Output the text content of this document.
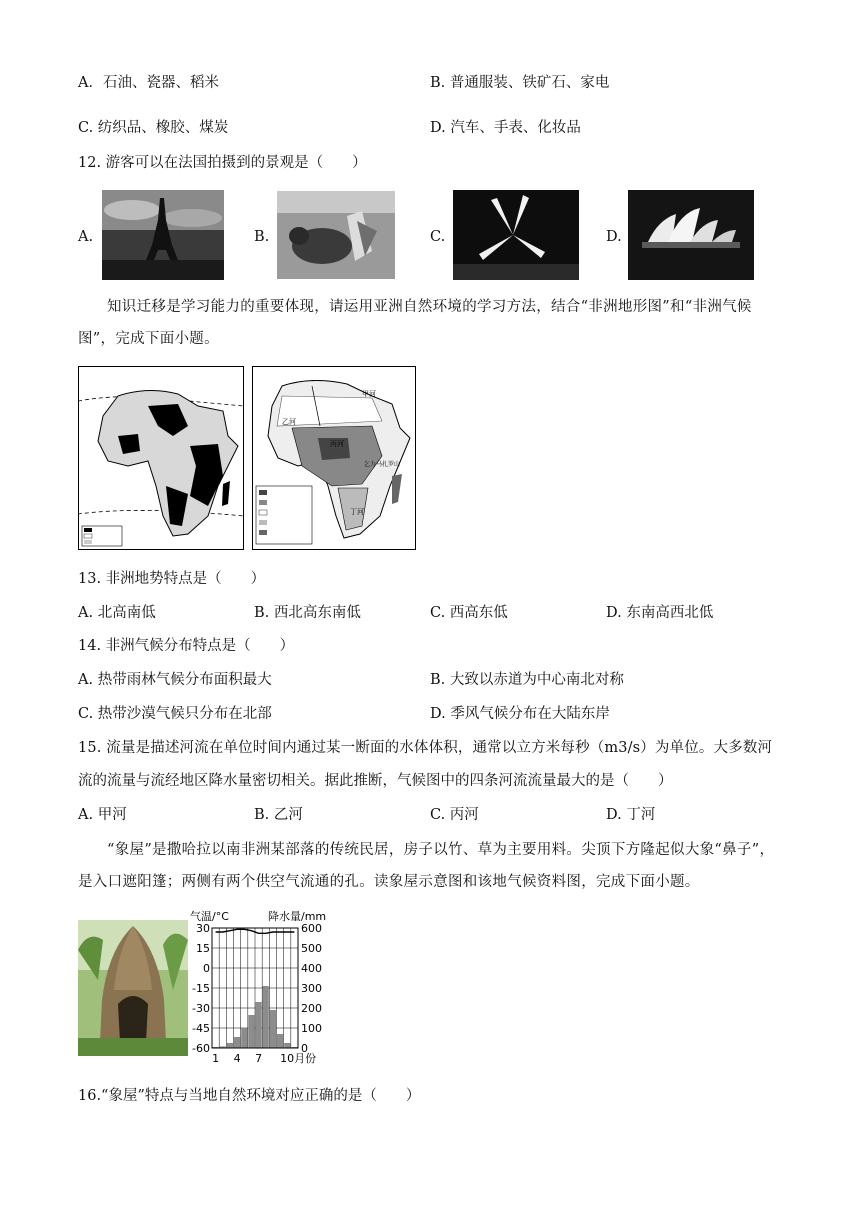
A．石油、瓷器、稻米	B. 普通服装、铁矿石、家电
C. 纺织品、橡胶、煤炭	D. 汽车、手表、化妆品
12. 游客可以在法国拍摄到的景观是（　　）
A.	B.	C.	D.
知识迁移是学习能力的重要体现，请运用亚洲自然环境的学习方法，结合“非洲地形图”和“非洲气候图”，完成下面小题。
甲河
乙河
丙河
丁河
乞力马扎罗山
13. 非洲地势特点是（　　）
A. 北高南低	B. 西北高东南低	C. 西高东低	D. 东南高西北低
14. 非洲气候分布特点是（　　）
A. 热带雨林气候分布面积最大	B. 大致以赤道为中心南北对称
C. 热带沙漠气候只分布在北部	D. 季风气候分布在大陆东岸
15. 流量是描述河流在单位时间内通过某一断面的水体体积，通常以立方米每秒（m3/s）为单位。大多数河
流的流量与流经地区降水量密切相关。据此推断，气候图中的四条河流流量最大的是（　　）
A. 甲河	B. 乙河	C. 丙河	D. 丁河
“象屋”是撒哈拉以南非洲某部落的传统民居，房子以竹、草为主要用料。尖顶下方隆起似大象“鼻子”，是入口遮阳篷；两侧有两个供空气流通的孔。读象屋示意图和该地气候资料图，完成下面小题。
气温/°C	降水量/mm
30
15
0
-15
-30
-45
-60
600
500
400
300
200
100
0
1 4 7 10月份
16.“象屋”特点与当地自然环境对应正确的是（　　）
